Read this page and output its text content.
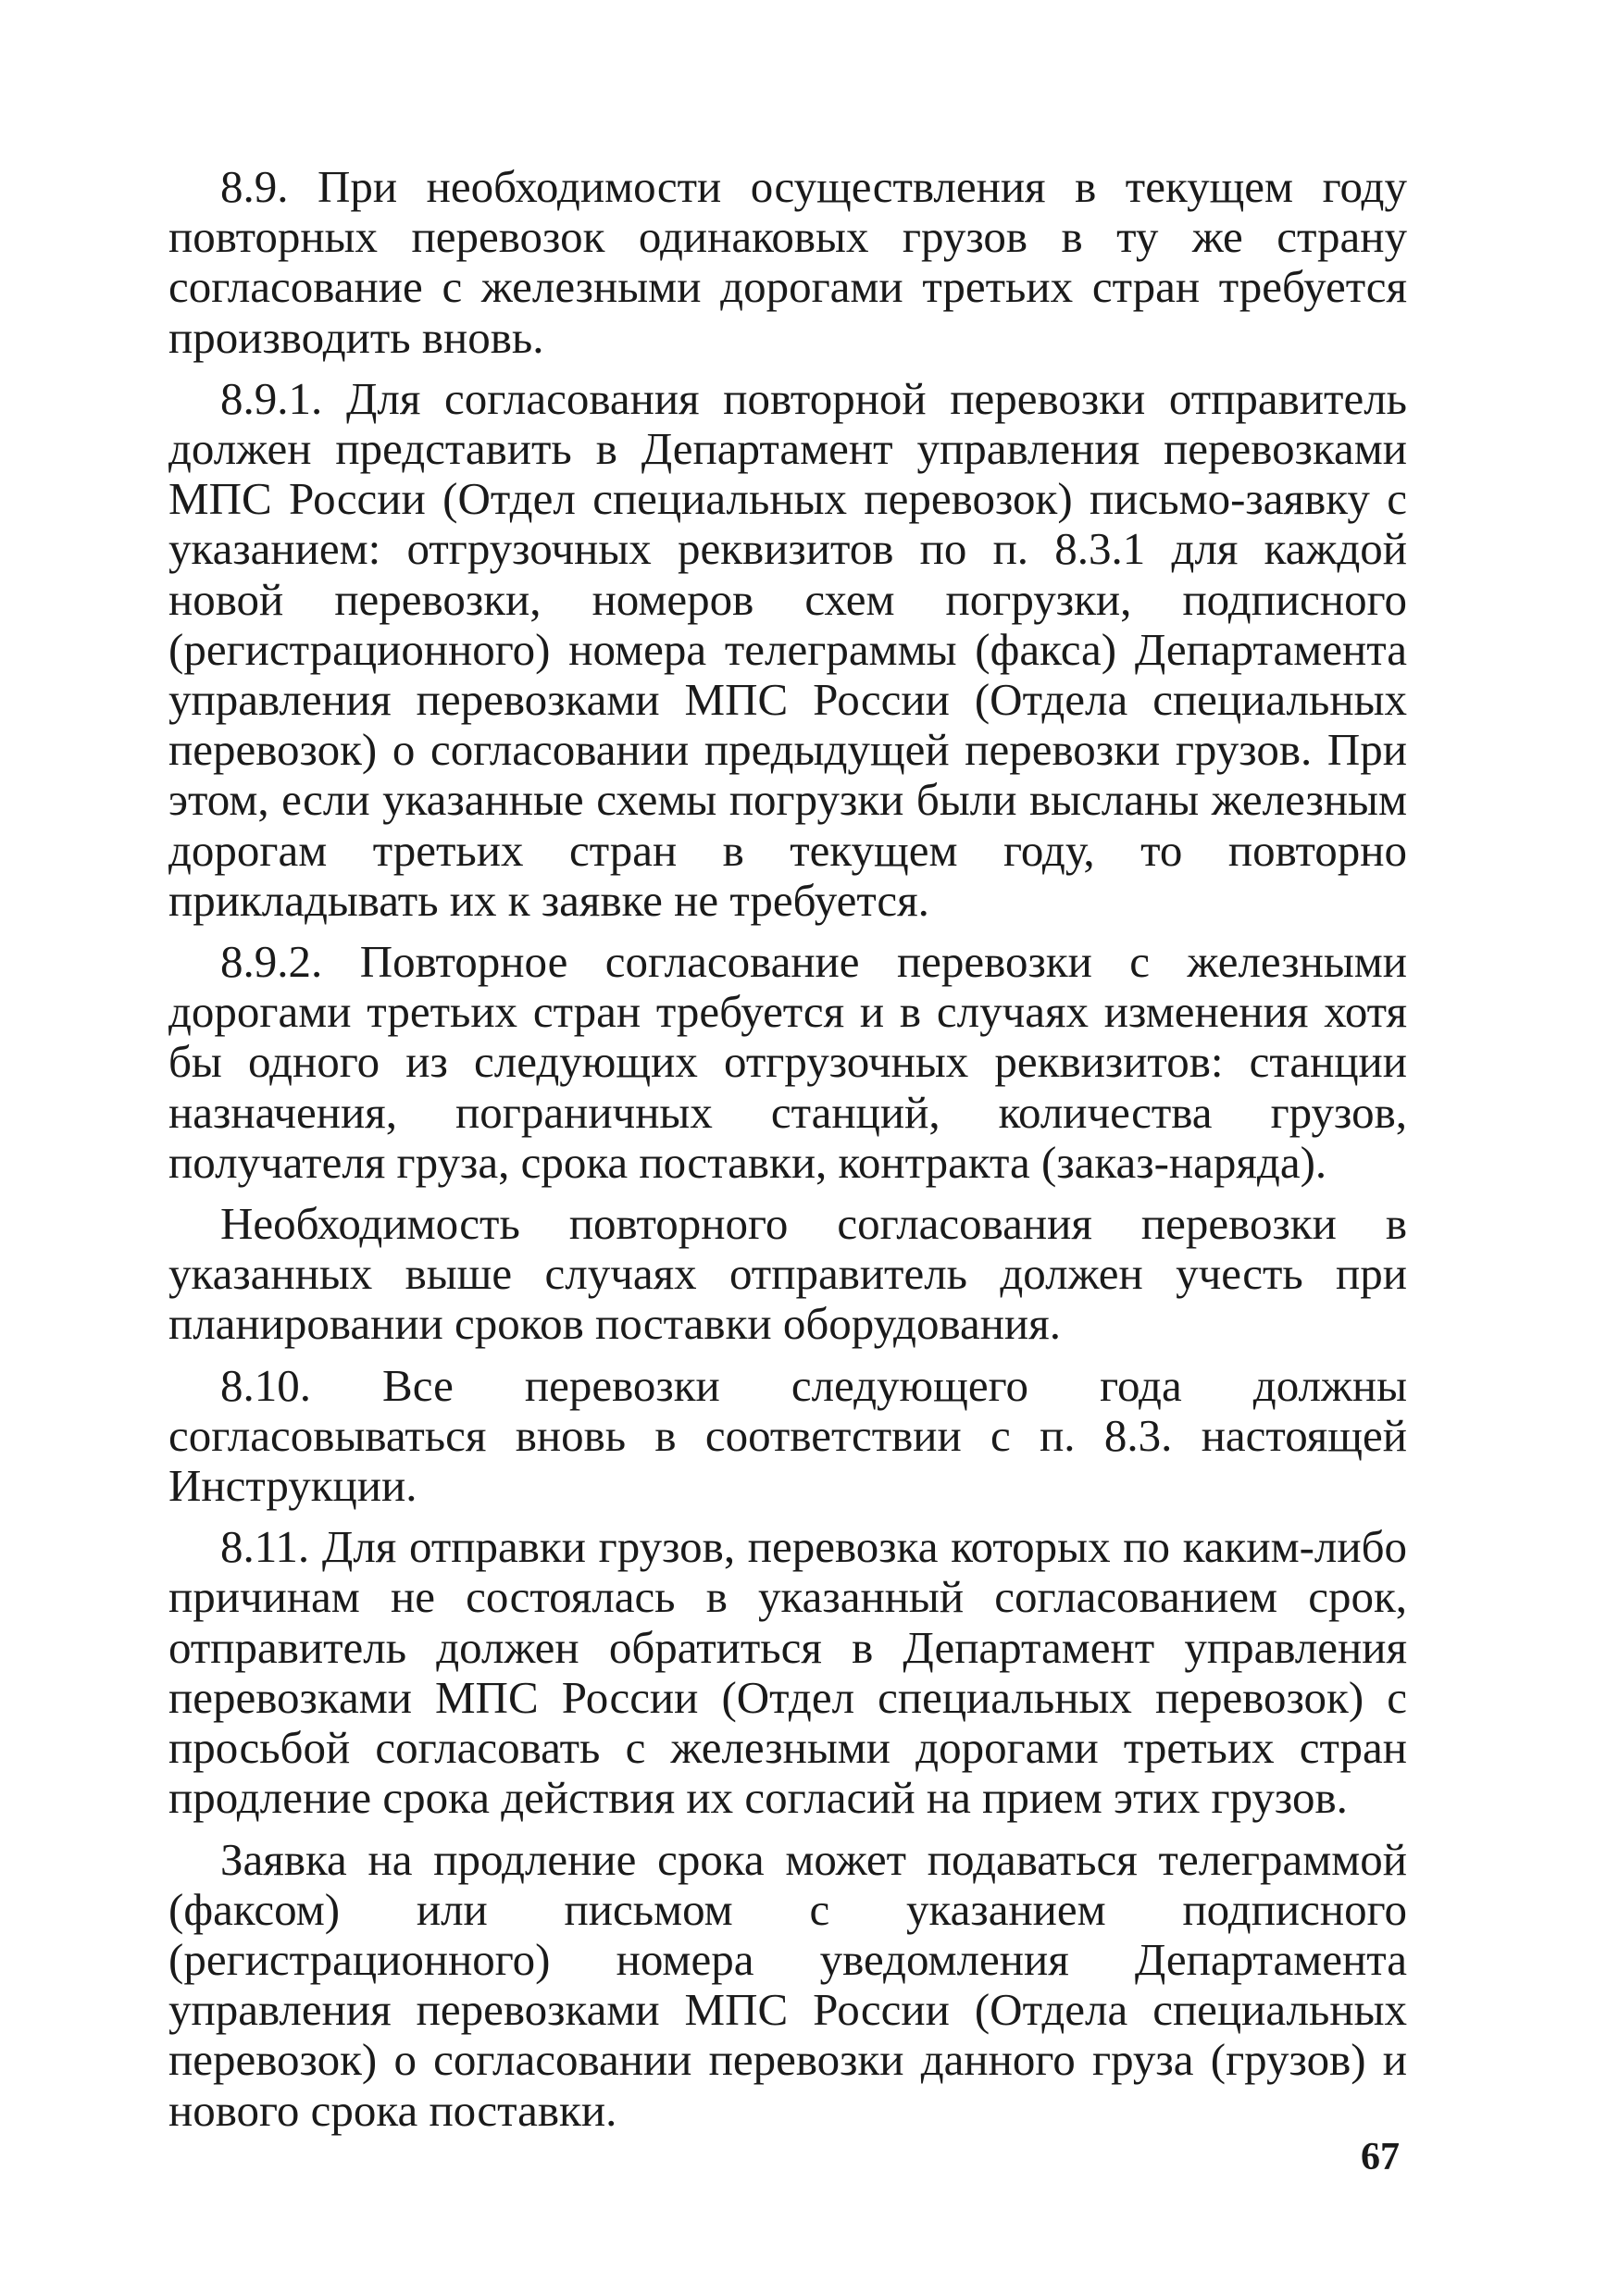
8.9. При необходимости осуществления в текущем году повторных перевозок одинаковых грузов в ту же страну согласование с железными дорогами третьих стран требуется производить вновь.

8.9.1. Для согласования повторной перевозки отправитель должен представить в Департамент управления перевозками МПС России (Отдел специальных перевозок) письмо-заявку с указанием: отгрузочных реквизитов по п. 8.3.1 для каждой новой перевозки, номеров схем погрузки, подписного (регистрационного) номера телеграммы (факса) Департамента управления перевозками МПС России (Отдела специальных перевозок) о согласовании предыдущей перевозки грузов. При этом, если указанные схемы погрузки были высланы железным дорогам третьих стран в текущем году, то повторно прикладывать их к заявке не требуется.

8.9.2. Повторное согласование перевозки с железными дорогами третьих стран требуется и в случаях изменения хотя бы одного из следующих отгрузочных реквизитов: станции назначения, пограничных станций, количества грузов, получателя груза, срока поставки, контракта (заказ-наряда).

Необходимость повторного согласования перевозки в указанных выше случаях отправитель должен учесть при планировании сроков поставки оборудования.

8.10. Все перевозки следующего года должны согласовываться вновь в соответствии с п. 8.3. настоящей Инструкции.

8.11. Для отправки грузов, перевозка которых по каким-либо причинам не состоялась в указанный согласованием срок, отправитель должен обратиться в Департамент управления перевозками МПС России (Отдел специальных перевозок) с просьбой согласовать с железными дорогами третьих стран продление срока действия их согласий на прием этих грузов.

Заявка на продление срока может подаваться телеграммой (факсом) или письмом с указанием подписного (регистрационного) номера уведомления Департамента управления перевозками МПС России (Отдела специальных перевозок) о согласовании перевозки данного груза (грузов) и нового срока поставки.

67
